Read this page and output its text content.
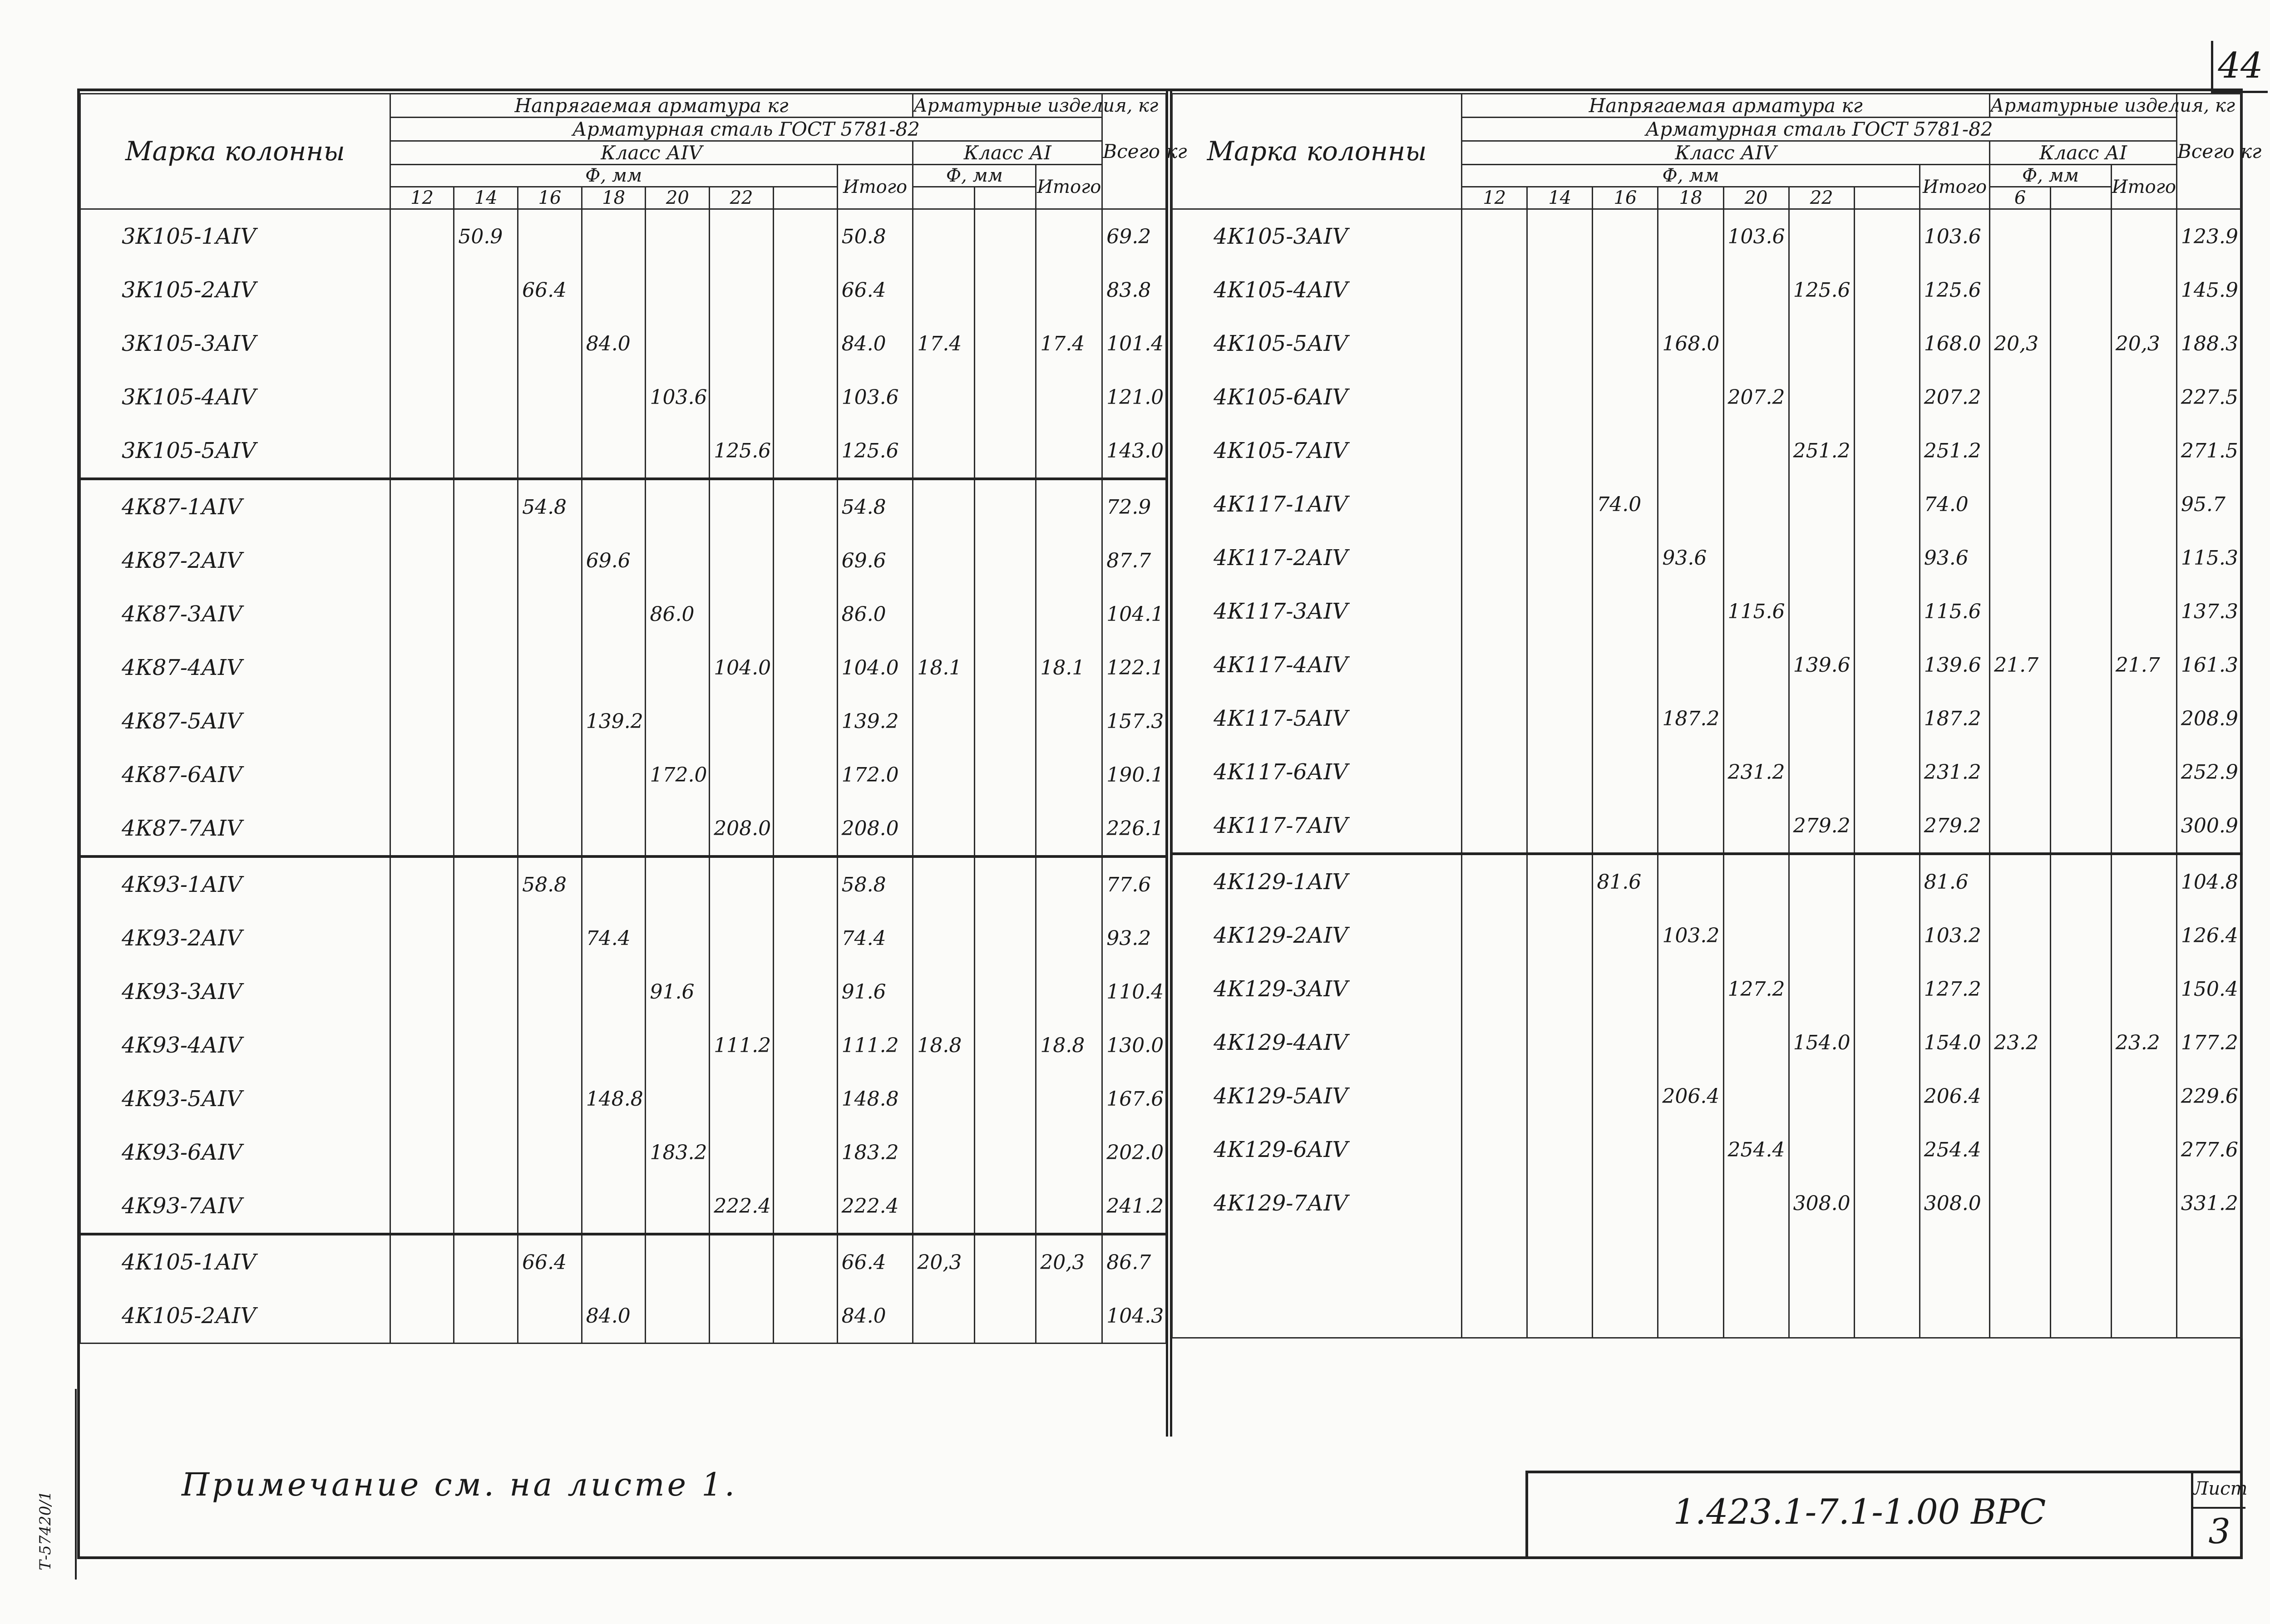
44
Т-57420/1
Марка колонны	Напрягаемая арматура кг								Арматурные изделия, кг			Всего кг
	Арматурная сталь ГОСТ 5781-82											
	Класс АIV								Класс АI			
	Ф, мм							Итого	Ф, мм		Итого	
	12	14	16	18	20	22						
3К105-1АIV		50.9						50.8				69.2
3К105-2АIV			66.4					66.4				83.8
3К105-3АIV				84.0				84.0	17.4		17.4	101.4
3К105-4АIV					103.6			103.6				121.0
3К105-5АIV						125.6		125.6				143.0
4К87-1АIV			54.8					54.8				72.9
4К87-2АIV				69.6				69.6				87.7
4К87-3АIV					86.0			86.0				104.1
4К87-4АIV						104.0		104.0	18.1		18.1	122.1
4К87-5АIV				139.2				139.2				157.3
4К87-6АIV					172.0			172.0				190.1
4К87-7АIV						208.0		208.0				226.1
4К93-1АIV			58.8					58.8				77.6
4К93-2АIV				74.4				74.4				93.2
4К93-3АIV					91.6			91.6				110.4
4К93-4АIV						111.2		111.2	18.8		18.8	130.0
4К93-5АIV				148.8				148.8				167.6
4К93-6АIV					183.2			183.2				202.0
4К93-7АIV						222.4		222.4				241.2
4К105-1АIV			66.4					66.4	20,3		20,3	86.7
4К105-2АIV				84.0				84.0				104.3
Марка колонны	Напрягаемая арматура кг								Арматурные изделия, кг			Всего кг
	Арматурная сталь ГОСТ 5781-82											
	Класс АIV								Класс АI			
	Ф, мм							Итого	Ф, мм		Итого	
	12	14	16	18	20	22			6			
4К105-3АIV					103.6			103.6				123.9
4К105-4АIV						125.6		125.6				145.9
4К105-5АIV				168.0				168.0	20,3		20,3	188.3
4К105-6АIV					207.2			207.2				227.5
4К105-7АIV						251.2		251.2				271.5
4К117-1АIV			74.0					74.0				95.7
4К117-2АIV				93.6				93.6				115.3
4К117-3АIV					115.6			115.6				137.3
4К117-4АIV						139.6		139.6	21.7		21.7	161.3
4К117-5АIV				187.2				187.2				208.9
4К117-6АIV					231.2			231.2				252.9
4К117-7АIV						279.2		279.2				300.9
4К129-1АIV			81.6					81.6				104.8
4К129-2АIV				103.2				103.2				126.4
4К129-3АIV					127.2			127.2				150.4
4К129-4АIV						154.0		154.0	23.2		23.2	177.2
4К129-5АIV				206.4				206.4				229.6
4К129-6АIV					254.4			254.4				277.6
4К129-7АIV						308.0		308.0				331.2

Примечание см. на листе 1.
1.423.1-7.1-1.00 ВРС
Лист
3
